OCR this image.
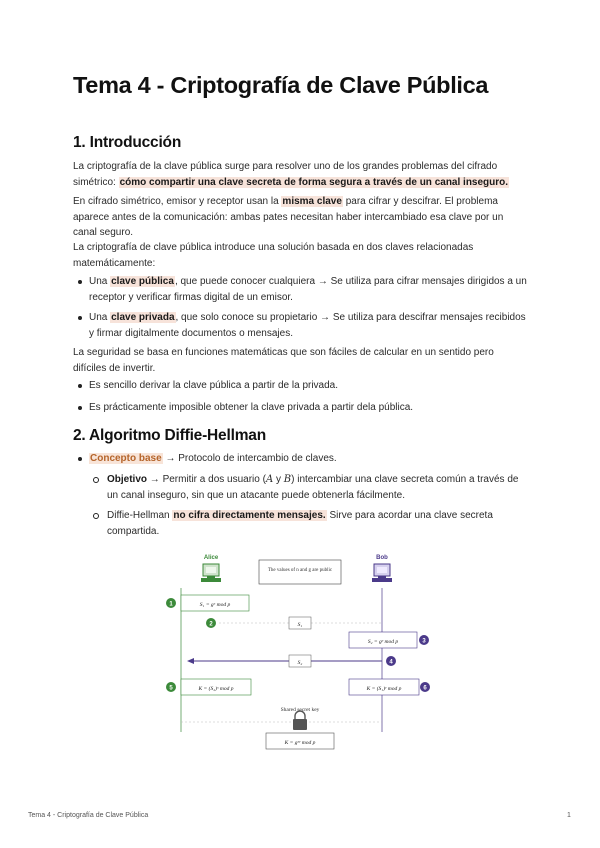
Tema 4 - Criptografía de Clave Pública
1. Introducción

La criptografía de la clave pública surge para resolver uno de los grandes problemas del cifrado simétrico: cómo compartir una clave secreta de forma segura a través de un canal inseguro.

En cifrado simétrico, emisor y receptor usan la misma clave para cifrar y descifrar. El problema aparece antes de la comunicación: ambas pates necesitan haber intercambiado esa clave por un canal seguro.

La criptografía de clave pública introduce una solución basada en dos claves relacionadas matemáticamente:

Una clave pública, que puede conocer cualquiera → Se utiliza para cifrar mensajes dirigidos a un receptor y verificar firmas digital de un emisor.
Una clave privada, que solo conoce su propietario → Se utiliza para descifrar mensajes recibidos y firmar digitalmente documentos o mensajes.

La seguridad se basa en funciones matemáticas que son fáciles de calcular en un sentido pero difíciles de invertir.

Es sencillo derivar la clave pública a partir de la privada.
Es prácticamente imposible obtener la clave privada a partir dela pública.
2. Algoritmo Diffie-Hellman
Concepto base → Protocolo de intercambio de claves.
Objetivo → Permitir a dos usuario (A y B) intercambiar una clave secreta común a través de un canal inseguro, sin que un atacante puede obtenerla fácilmente.
Diffie-Hellman no cifra directamente mensajes. Sirve para acordar una clave secreta compartida.
Alice	Bob
The values of n and g are public
1	S₁ = gˣ mod p
2	S₁
S₂ = gʸ mod p	3
S₂	4
5	K = (S₂)ˣ mod p	K = (S₁)ʸ mod p	6
Shared secret key
K = gˣʸ mod p
Tema 4 - Criptografía de Clave Pública	1
